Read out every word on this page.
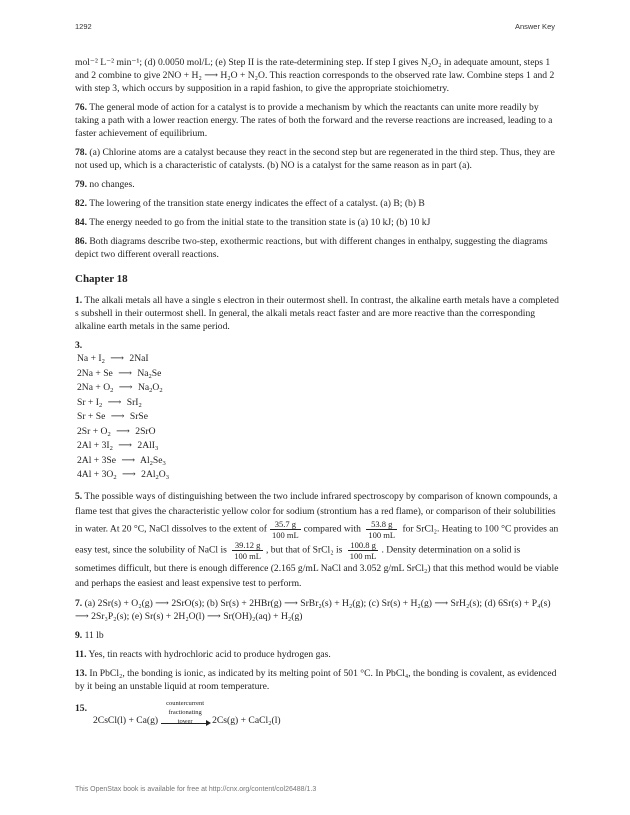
1292	Answer Key

mol⁻² L⁻² min⁻¹; (d) 0.0050 mol/L; (e) Step II is the rate-determining step. If step I gives N₂O₂ in adequate amount, steps 1 and 2 combine to give 2NO + H₂ ⟶ H₂O + N₂O. This reaction corresponds to the observed rate law. Combine steps 1 and 2 with step 3, which occurs by supposition in a rapid fashion, to give the appropriate stoichiometry.

76. The general mode of action for a catalyst is to provide a mechanism by which the reactants can unite more readily by taking a path with a lower reaction energy. The rates of both the forward and the reverse reactions are increased, leading to a faster achievement of equilibrium.

78. (a) Chlorine atoms are a catalyst because they react in the second step but are regenerated in the third step. Thus, they are not used up, which is a characteristic of catalysts. (b) NO is a catalyst for the same reason as in part (a).

79. no changes.

82. The lowering of the transition state energy indicates the effect of a catalyst. (a) B; (b) B

84. The energy needed to go from the initial state to the transition state is (a) 10 kJ; (b) 10 kJ

86. Both diagrams describe two-step, exothermic reactions, but with different changes in enthalpy, suggesting the diagrams depict two different overall reactions.

Chapter 18

1. The alkali metals all have a single s electron in their outermost shell. In contrast, the alkaline earth metals have a completed s subshell in their outermost shell. In general, the alkali metals react faster and are more reactive than the corresponding alkaline earth metals in the same period.

3.
$Na + I_2$ ⟶ 2NaI
2Na + Se ⟶ $Na_2Se$
$2Na + O_2$ ⟶ $Na_2O_2$
$Sr + I_2$ ⟶ SrI$_2$
Sr + Se ⟶ SrSe
$2Sr + O_2$ ⟶ 2SrO
$2Al + 3I_2$ ⟶ 2AlI$_3$
2Al + 3Se ⟶ $Al_2Se_3$
$4Al + 3O_2$ ⟶ $2Al_2O_3$

5. The possible ways of distinguishing between the two include infrared spectroscopy by comparison of known compounds, a flame test that gives the characteristic yellow color for sodium (strontium has a red flame), or comparison of their solubilities in water. At 20 °C, NaCl dissolves to the extent of $\frac{35.7 g}{100 mL}$ compared with $\frac{53.8 g}{100 mL}$ for SrCl₂. Heating to 100 °C provides an easy test, since the solubility of NaCl is $\frac{39.12 g}{100 mL}$ , but that of SrCl₂ is $\frac{100.8 g}{100 mL}$ . Density determination on a solid is sometimes difficult, but there is enough difference (2.165 g/mL NaCl and 3.052 g/mL SrCl₂) that this method would be viable and perhaps the easiest and least expensive test to perform.

7. (a) 2Sr(s) + O₂(g) ⟶ 2SrO(s); (b) Sr(s) + 2HBr(g) ⟶ SrBr₂(s) + H₂(g); (c) Sr(s) + H₂(g) ⟶ SrH₂(s); (d) 6Sr(s) + P₄(s) ⟶ 2Sr₃P₂(s); (e) Sr(s) + 2H₂O(l) ⟶ Sr(OH)₂(aq) + H₂(g)

9. 11 lb

11. Yes, tin reacts with hydrochloric acid to produce hydrogen gas.

13. In PbCl₂, the bonding is ionic, as indicated by its melting point of 501 °C. In PbCl₄, the bonding is covalent, as evidenced by it being an unstable liquid at room temperature.

15.
2CsCl(l) + Ca(g)
countercurrent
fractionating
tower	2Cs(g) + CaCl₂(l)
This OpenStax book is available for free at http://cnx.org/content/col26488/1.3
